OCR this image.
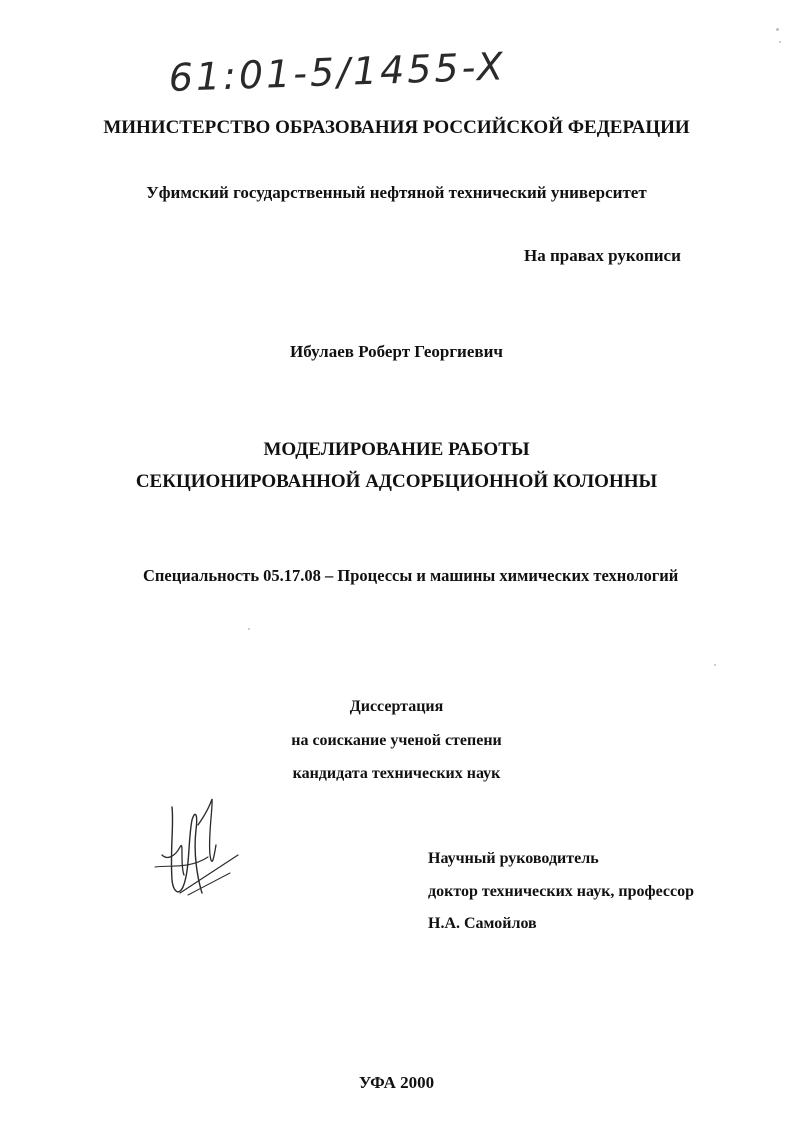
61:01-5/1455-X
МИНИСТЕРСТВО ОБРАЗОВАНИЯ РОССИЙСКОЙ ФЕДЕРАЦИИ
Уфимский государственный нефтяной технический университет
На правах рукописи
Ибулаев Роберт Георгиевич
МОДЕЛИРОВАНИЕ РАБОТЫ
СЕКЦИОНИРОВАННОЙ АДСОРБЦИОННОЙ КОЛОННЫ
Специальность 05.17.08 – Процессы и машины химических технологий
Диссертация
на соискание ученой степени
кандидата технических наук
Научный руководитель
доктор технических наук, профессор
Н.А. Самойлов
УФА 2000
